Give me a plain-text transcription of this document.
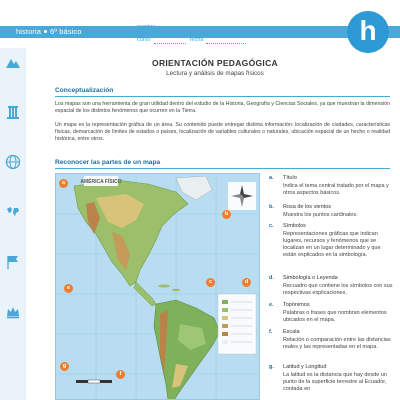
historia 6º básico	nombre
curso	fecha	h
ORIENTACIÓN PEDAGÓGICA
Lectura y análisis de mapas físicos
Conceptualización

Los mapas son una herramienta de gran utilidad dentro del estudio de la Historia, Geografía y Ciencias Sociales, ya que muestran la dimensión espacial de los distintos fenómenos que ocurren en la Tierra.

Un mapa es la representación gráfica de un área. Su contenido puede entregar distinta información: localización de ciudades, características físicas, demarcación de límites de estados o países, localización de variables culturales o naturales, ubicación espacial de un hecho o realidad histórica, entre otros.

Reconocer las partes de un mapa
AMÉRICA FÍSICO
a
b
c	d
e
f
g
a. Título

Indica el tema central tratado por el mapa y otros aspectos básicos.

b. Rosa de los vientos

Muestra los puntos cardinales.

c. Símbolos

Representaciones gráficas que indican lugares, recursos y fenómenos que se localizan en un lugar determinado y que están explicados en la simbología.

d. Simbología o Leyenda

Recuadro que contiene los símbolos con sus respectivas explicaciones.

e. Topónimos

Palabras o frases que nombran elementos ubicados en el mapa.

f. Escala

Relación o comparación entre las distancias reales y las representadas en el mapa.

g. Latitud y Longitud

La latitud es la distancia que hay desde un punto de la superficie terrestre al Ecuador, contada en
